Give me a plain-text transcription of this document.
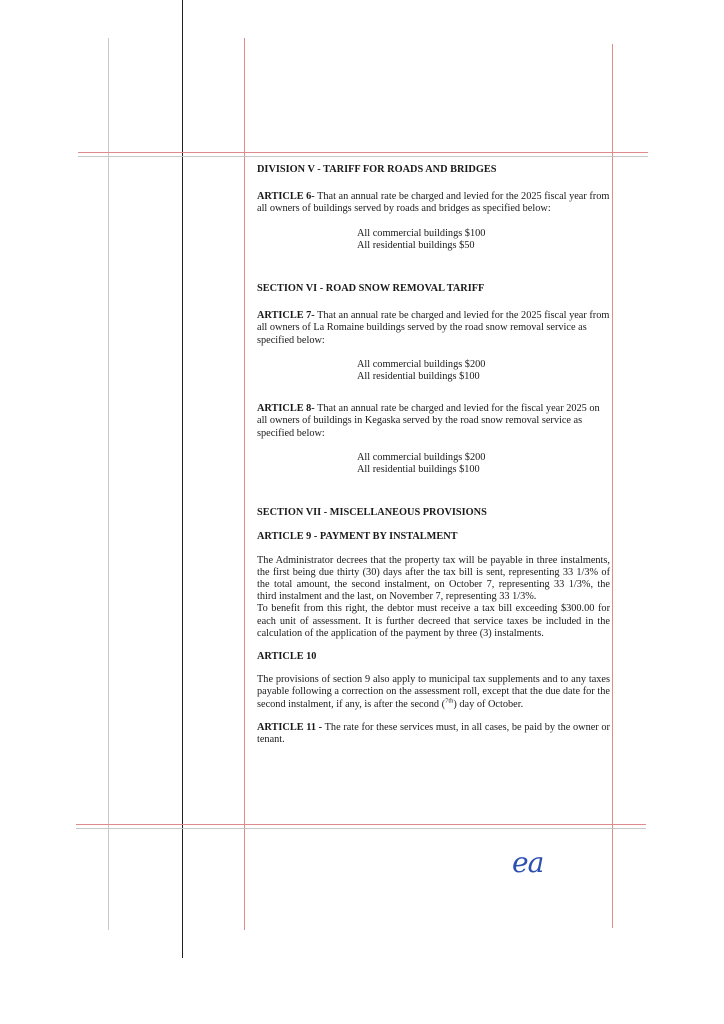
DIVISION V - TARIFF FOR ROADS AND BRIDGES

ARTICLE 6- That an annual rate be charged and levied for the 2025 fiscal year from all owners of buildings served by roads and bridges as specified below:

All commercial buildings $100
All residential buildings $50

SECTION VI - ROAD SNOW REMOVAL TARIFF

ARTICLE 7- That an annual rate be charged and levied for the 2025 fiscal year from all owners of La Romaine buildings served by the road snow removal service as specified below:

All commercial buildings $200
All residential buildings $100

ARTICLE 8- That an annual rate be charged and levied for the fiscal year 2025 on all owners of buildings in Kegaska served by the road snow removal service as specified below:

All commercial buildings $200
All residential buildings $100

SECTION VII - MISCELLANEOUS PROVISIONS

ARTICLE 9 - PAYMENT BY INSTALMENT

The Administrator decrees that the property tax will be payable in three instalments, the first being due thirty (30) days after the tax bill is sent, representing 33 1/3% of the total amount, the second instalment, on October 7, representing 33 1/3%, the third instalment and the last, on November 7, representing 33 1/3%.

To benefit from this right, the debtor must receive a tax bill exceeding $300.00 for each unit of assessment. It is further decreed that service taxes be included in the calculation of the application of the payment by three (3) instalments.

ARTICLE 10

The provisions of section 9 also apply to municipal tax supplements and to any taxes payable following a correction on the assessment roll, except that the due date for the second instalment, if any, is after the second ($^{7th}$) day of October.

ARTICLE 11 - The rate for these services must, in all cases, be paid by the owner or tenant.

ea
